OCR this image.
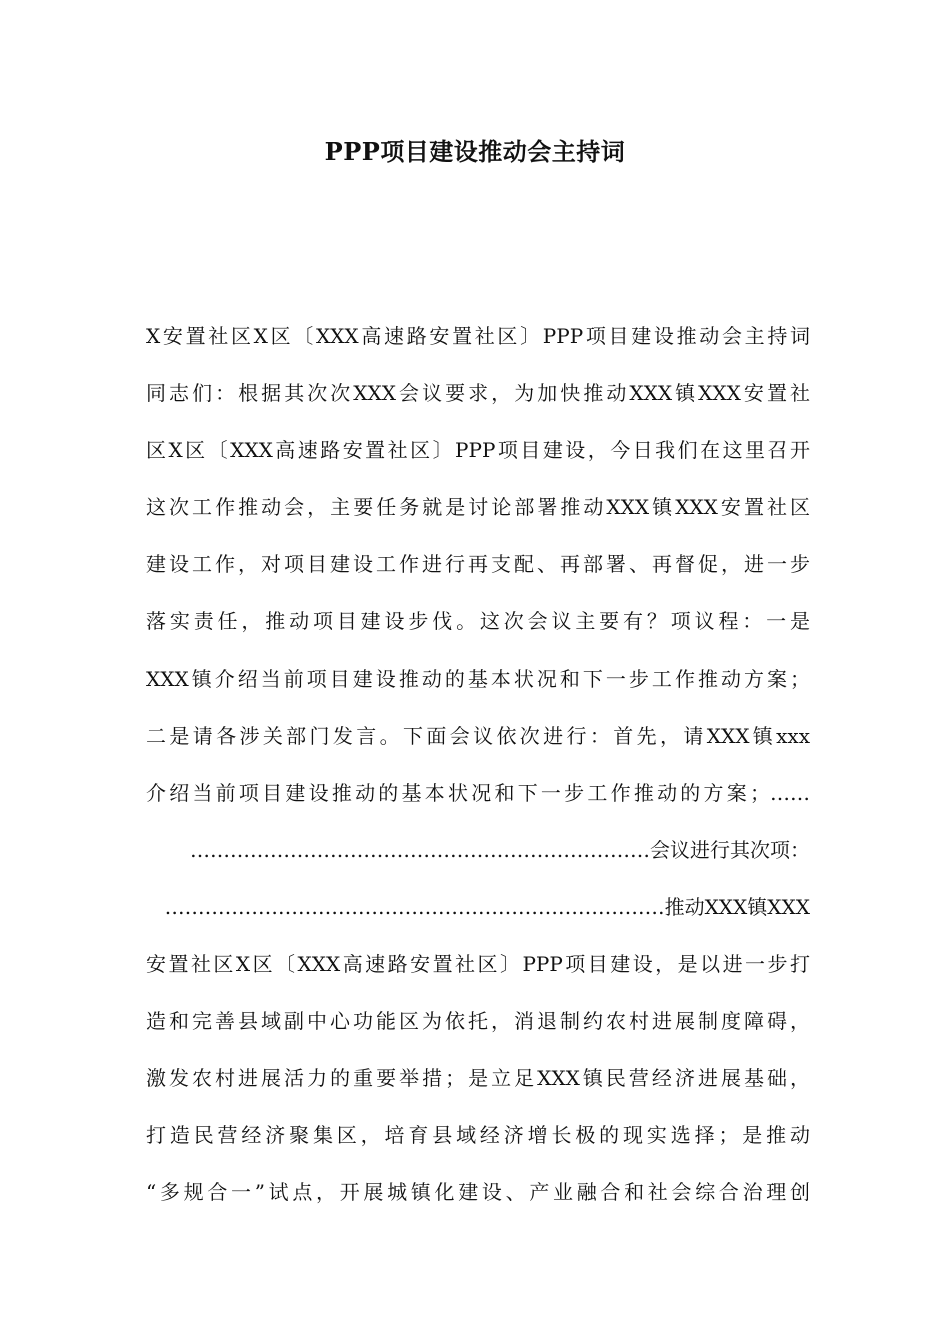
PPP项目建设推动会主持词
X安置社区X区〔XXX高速路安置社区〕PPP项目建设推动会主持词
同志们：根据其次次XXX会议要求，为加快推动XXX镇XXX安置社
区X区〔XXX高速路安置社区〕PPP项目建设，今日我们在这里召开
这次工作推动会，主要任务就是讨论部署推动XXX镇XXX安置社区
建设工作，对项目建设工作进行再支配、再部署、再督促，进一步
落实责任，推动项目建设步伐。这次会议主要有？项议程：一是
XXX镇介绍当前项目建设推动的基本状况和下一步工作推动方案；
二是请各涉关部门发言。下面会议依次进行：首先，请XXX镇xxx
介绍当前项目建设推动的基本状况和下一步工作推动的方案；……
……………………………………………………………会议进行其次项：
…………………………………………………………………推动XXX镇XXX
安置社区X区〔XXX高速路安置社区〕PPP项目建设，是以进一步打
造和完善县域副中心功能区为依托，消退制约农村进展制度障碍，
激发农村进展活力的重要举措；是立足XXX镇民营经济进展基础，
打造民营经济聚集区，培育县域经济增长极的现实选择；是推动
“多规合一”试点，开展城镇化建设、产业融合和社会综合治理创
